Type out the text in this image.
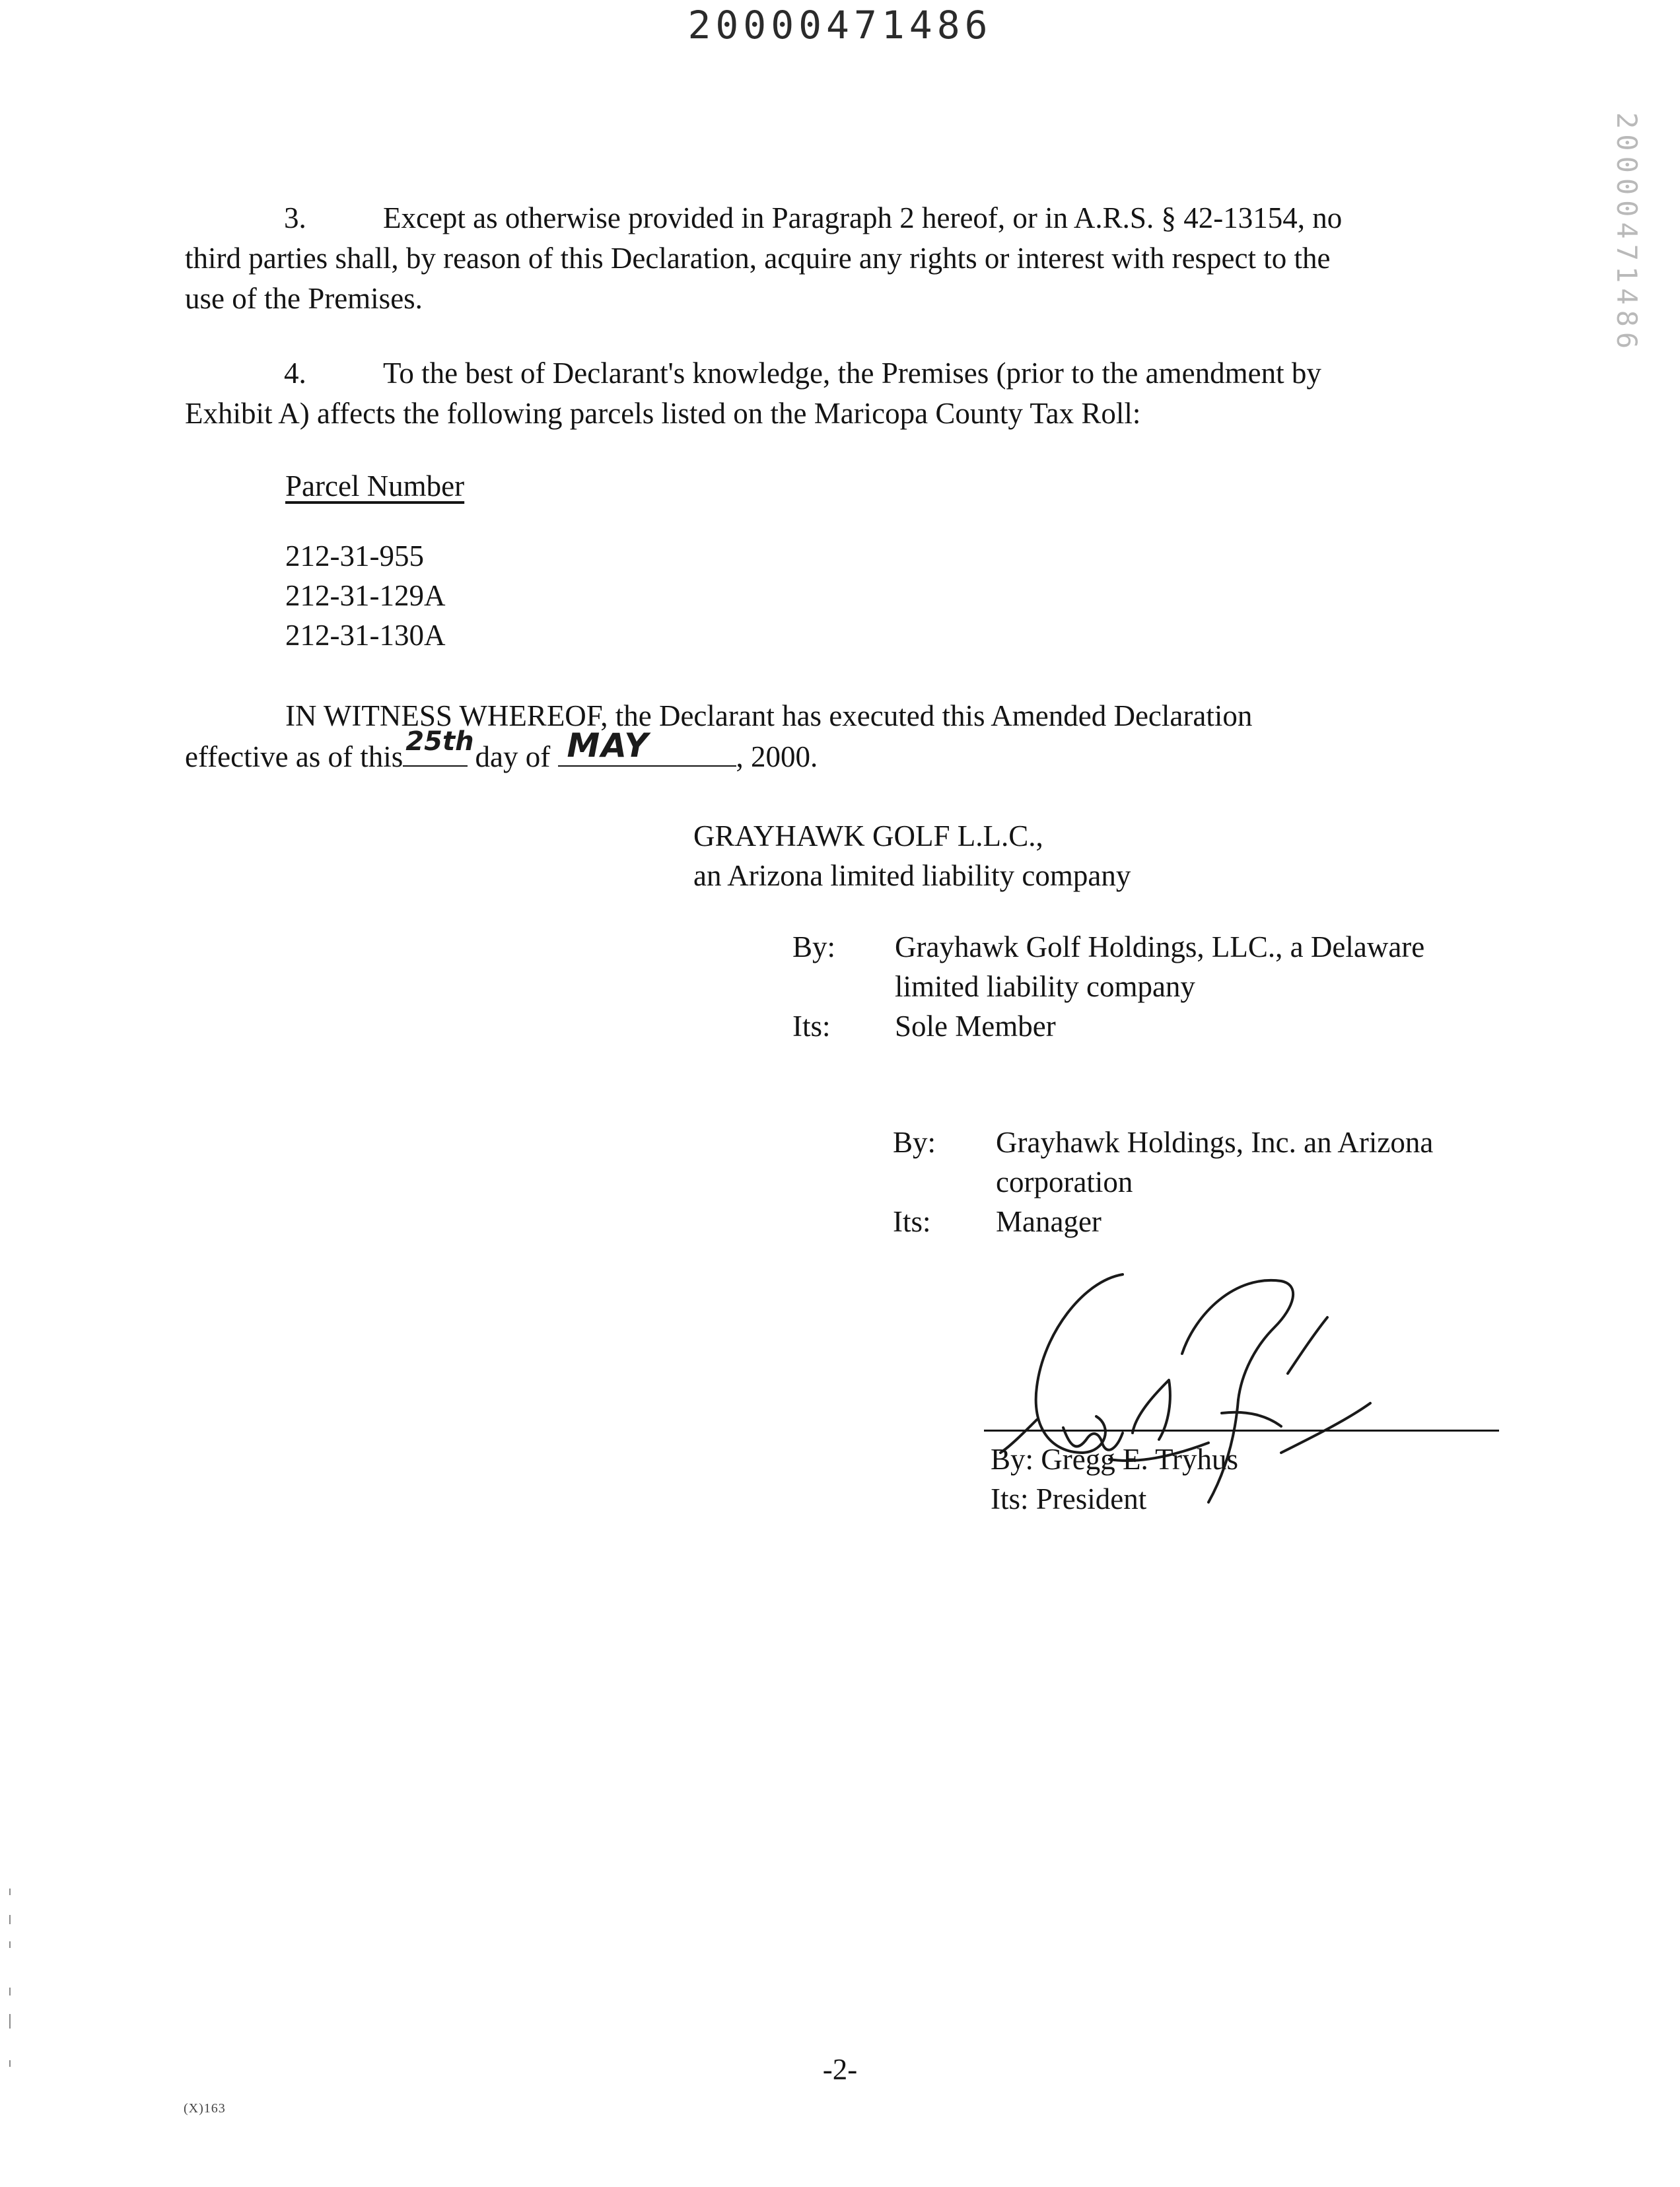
20000471486
20000471486
3.	Except as otherwise provided in Paragraph 2 hereof, or in A.R.S. § 42-13154, no
third parties shall, by reason of this Declaration, acquire any rights or interest with respect to the
use of the Premises.
4.	To the best of Declarant's knowledge, the Premises (prior to the amendment by
Exhibit A) affects the following parcels listed on the Maricopa County Tax Roll:
Parcel Number
212-31-955
212-31-129A
212-31-130A
IN WITNESS WHEREOF, the Declarant has executed this Amended Declaration
effective as of this 25th day of MAY	, 2000.
GRAYHAWK GOLF L.L.C.,
an Arizona limited liability company
By: Grayhawk Golf Holdings, LLC., a Delaware
limited liability company
Its: Sole Member
By: Grayhawk Holdings, Inc. an Arizona
corporation
Its: Manager
By: Gregg E. Tryhus
Its: President
-2-
(X)163
